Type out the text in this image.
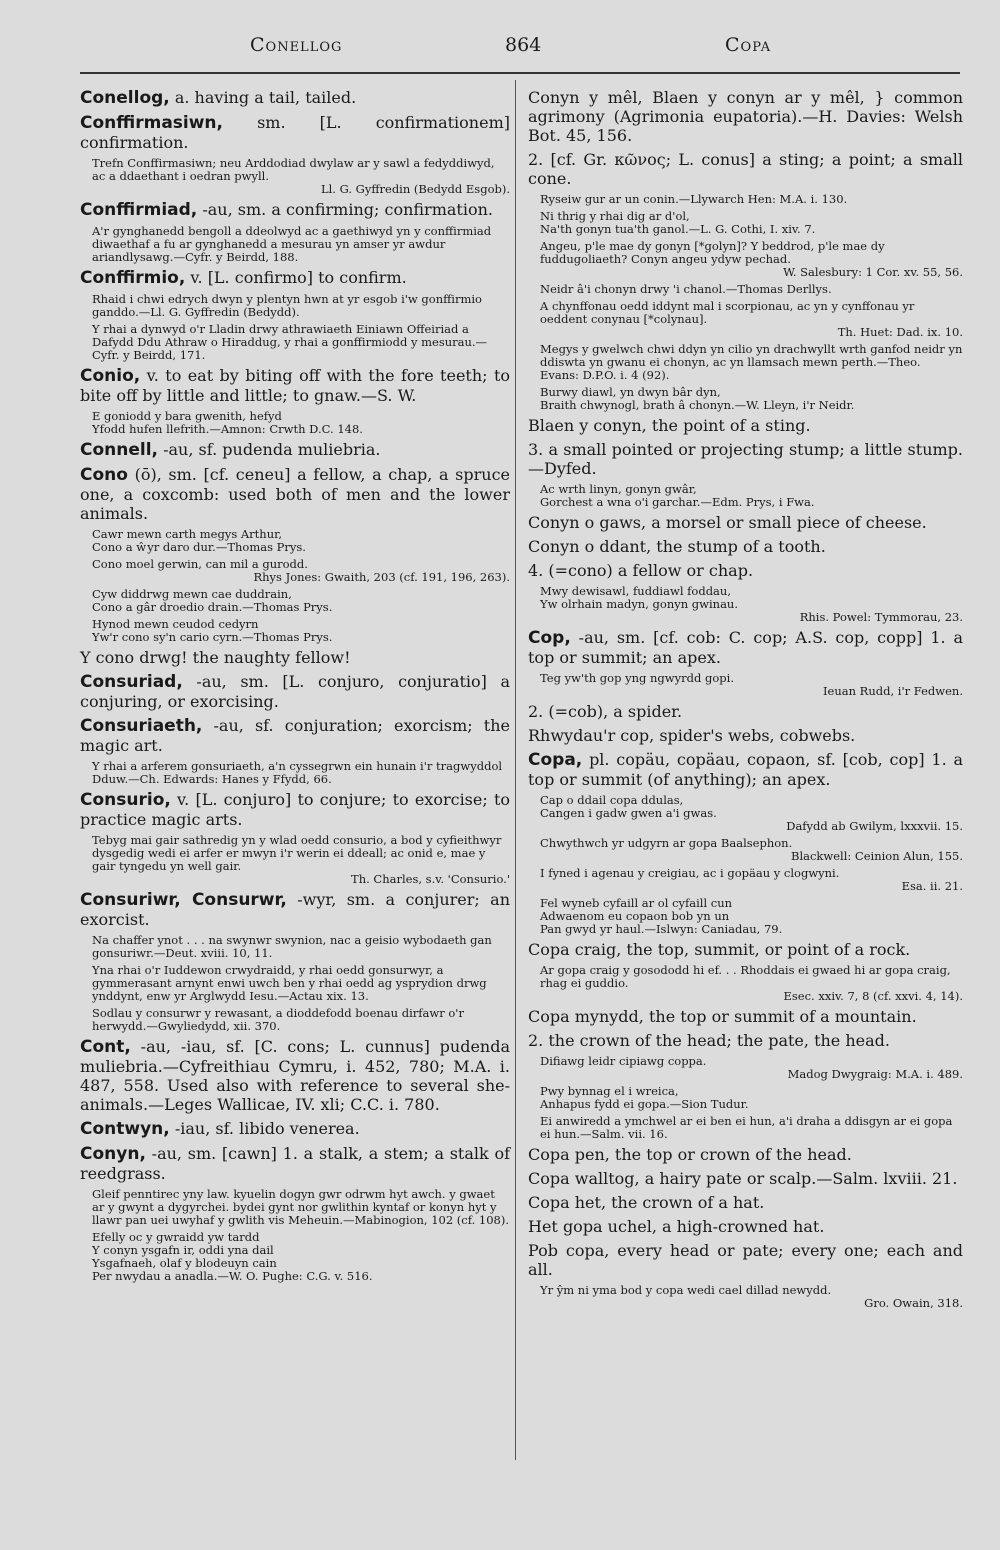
Conellog	864	Copa
Conellog, a. having a tail, tailed.
Conffirmasiwn, sm. [L. confirmationem] confirmation.
Trefn Conffirmasiwn; neu Arddodiad dwylaw ar y sawl a fedyddiwyd, ac a ddaethant i oedran pwyll.
Ll. G. Gyffredin (Bedydd Esgob).
Conffirmiad, -au, sm. a confirming; confirmation.
A'r gynghanedd bengoll a ddeolwyd ac a gaethiwyd yn y conffirmiad diwaethaf a fu ar gynghanedd a mesurau yn amser yr awdur ariandlysawg.—Cyfr. y Beirdd, 188.
Conffirmio, v. [L. confirmo] to confirm.
Rhaid i chwi edrych dwyn y plentyn hwn at yr esgob i'w gonffirmio ganddo.—Ll. G. Gyffredin (Bedydd).
Y rhai a dynwyd o'r Lladin drwy athrawiaeth Einiawn Offeiriad a Dafydd Ddu Athraw o Hiraddug, y rhai a gonffirmiodd y mesurau.—Cyfr. y Beirdd, 171.
Conio, v. to eat by biting off with the fore teeth; to bite off by little and little; to gnaw.—S. W.
E goniodd y bara gwenith, hefyd
Yfodd hufen llefrith.—Amnon: Crwth D.C. 148.
Connell, -au, sf. pudenda muliebria.
Cono (ō), sm. [cf. ceneu] a fellow, a chap, a spruce one, a coxcomb: used both of men and the lower animals.
Cawr mewn carth megys Arthur,
Cono a ŵyr daro dur.—Thomas Prys.
Cono moel gerwin, can mil a gurodd.
Rhys Jones: Gwaith, 203 (cf. 191, 196, 263).
Cyw diddrwg mewn cae duddrain,
Cono a gâr droedio drain.—Thomas Prys.
Hynod mewn ceudod cedyrn
Yw'r cono sy'n cario cyrn.—Thomas Prys.
Y cono drwg! the naughty fellow!
Consuriad, -au, sm. [L. conjuro, conjuratio] a conjuring, or exorcising.
Consuriaeth, -au, sf. conjuration; exorcism; the magic art.
Y rhai a arferem gonsuriaeth, a'n cyssegrwn ein hunain i'r tragwyddol Dduw.—Ch. Edwards: Hanes y Ffydd, 66.
Consurio, v. [L. conjuro] to conjure; to exorcise; to practice magic arts.
Tebyg mai gair sathredig yn y wlad oedd consurio, a bod y cyfieithwyr dysgedig wedi ei arfer er mwyn i'r werin ei ddeall; ac onid e, mae y gair tyngedu yn well gair.
Th. Charles, s.v. 'Consurio.'
Consuriwr, Consurwr, -wyr, sm. a conjurer; an exorcist.
Na chaffer ynot . . . na swynwr swynion, nac a geisio wybodaeth gan gonsuriwr.—Deut. xviii. 10, 11.
Yna rhai o'r Iuddewon crwydraidd, y rhai oedd gonsurwyr, a gymmerasant arnynt enwi uwch ben y rhai oedd ag ysprydion drwg ynddynt, enw yr Arglwydd Iesu.—Actau xix. 13.
Sodlau y consurwr y rewasant, a dioddefodd boenau dirfawr o'r herwydd.—Gwyliedydd, xii. 370.
Cont, -au, -iau, sf. [C. cons; L. cunnus] pudenda muliebria.—Cyfreithiau Cymru, i. 452, 780; M.A. i. 487, 558. Used also with reference to several she-animals.—Leges Wallicae, IV. xli; C.C. i. 780.
Contwyn, -iau, sf. libido venerea.
Conyn, -au, sm. [cawn] 1. a stalk, a stem; a stalk of reedgrass.
Gleif penntirec yny law. kyuelin dogyn gwr odrwm hyt awch. y gwaet ar y gwynt a dygyrchei. bydei gynt nor gwlithin kyntaf or konyn hyt y llawr pan uei uwyhaf y gwlith vis Meheuin.—Mabinogion, 102 (cf. 108).
Efelly oc y gwraidd yw tardd
Y conyn ysgafn ir, oddi yna dail
Ysgafnaeh, olaf y blodeuyn cain
Per nwydau a anadla.—W. O. Pughe: C.G. v. 516.
Conyn y mêl, Blaen y conyn ar y mêl, } common agrimony (Agrimonia eupatoria).—H. Davies: Welsh Bot. 45, 156.
2. [cf. Gr. κῶνος; L. conus] a sting; a point; a small cone.
Ryseiw gur ar un conin.—Llywarch Hen: M.A. i. 130.
Ni thrig y rhai dig ar d'ol,
Na'th gonyn tua'th ganol.—L. G. Cothi, I. xiv. 7.
Angeu, p'le mae dy gonyn [*golyn]? Y beddrod, p'le mae dy fuddugoliaeth? Conyn angeu ydyw pechad.
W. Salesbury: 1 Cor. xv. 55, 56.
Neidr â'i chonyn drwy 'i chanol.—Thomas Derllys.
A chynffonau oedd iddynt mal i scorpionau, ac yn y cynffonau yr oeddent conynau [*colynau].
Th. Huet: Dad. ix. 10.
Megys y gwelwch chwi ddyn yn cilio yn drachwyllt wrth ganfod neidr yn ddiswta yn gwanu ei chonyn, ac yn llamsach mewn perth.—Theo. Evans: D.P.O. i. 4 (92).
Burwy diawl, yn dwyn bâr dyn,
Braith chwynogl, brath â chonyn.—W. Lleyn, i'r Neidr.
Blaen y conyn, the point of a sting.
3. a small pointed or projecting stump; a little stump.—Dyfed.
Ac wrth linyn, gonyn gwâr,
Gorchest a wna o'i garchar.—Edm. Prys, i Fwa.
Conyn o gaws, a morsel or small piece of cheese.
Conyn o ddant, the stump of a tooth.
4. (=cono) a fellow or chap.
Mwy dewisawl, fuddiawl foddau,
Yw olrhain madyn, gonyn gwinau.
Rhis. Powel: Tymmorau, 23.
Cop, -au, sm. [cf. cob: C. cop; A.S. cop, copp] 1. a top or summit; an apex.
Teg yw'th gop yng ngwyrdd gopi.
Ieuan Rudd, i'r Fedwen.
2. (=cob), a spider.
Rhwydau'r cop, spider's webs, cobwebs.
Copa, pl. copäu, copäau, copaon, sf. [cob, cop] 1. a top or summit (of anything); an apex.
Cap o ddail copa ddulas,
Cangen i gadw gwen a'i gwas.
Dafydd ab Gwilym, lxxxvii. 15.
Chwythwch yr udgyrn ar gopa Baalsephon.
Blackwell: Ceinion Alun, 155.
I fyned i agenau y creigiau, ac i gopäau y clogwyni.
Esa. ii. 21.
Fel wyneb cyfaill ar ol cyfaill cun
Adwaenom eu copaon bob yn un
Pan gwyd yr haul.—Islwyn: Caniadau, 79.
Copa craig, the top, summit, or point of a rock.
Ar gopa craig y gosododd hi ef. . . Rhoddais ei gwaed hi ar gopa craig, rhag ei guddio.
Esec. xxiv. 7, 8 (cf. xxvi. 4, 14).
Copa mynydd, the top or summit of a mountain.
2. the crown of the head; the pate, the head.
Difiawg leidr cipiawg coppa.
Madog Dwygraig: M.A. i. 489.
Pwy bynnag el i wreica,
Anhapus fydd ei gopa.—Sion Tudur.
Ei anwiredd a ymchwel ar ei ben ei hun, a'i draha a ddisgyn ar ei gopa ei hun.—Salm. vii. 16.
Copa pen, the top or crown of the head.
Copa walltog, a hairy pate or scalp.—Salm. lxviii. 21.
Copa het, the crown of a hat.
Het gopa uchel, a high-crowned hat.
Pob copa, every head or pate; every one; each and all.
Yr ŷm ni yma bod y copa wedi cael dillad newydd.
Gro. Owain, 318.
